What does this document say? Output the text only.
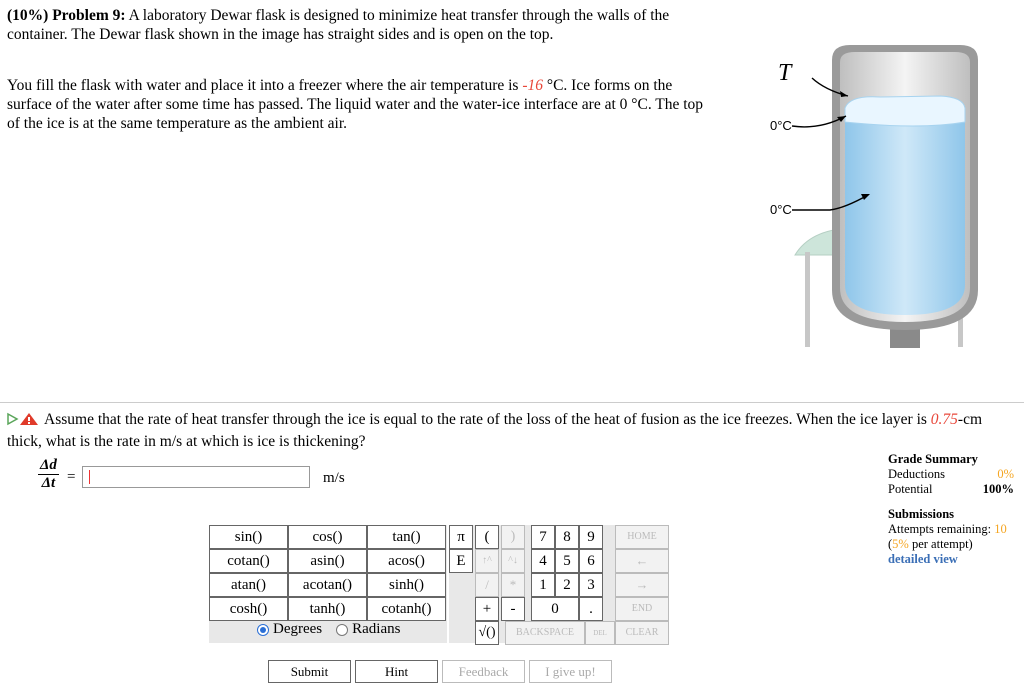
(10%) Problem 9: A laboratory Dewar flask is designed to minimize heat transfer through the walls of the container. The Dewar flask shown in the image has straight sides and is open on the top.
You fill the flask with water and place it into a freezer where the air temperature is -16 °C. Ice forms on the surface of the water after some time has passed. The liquid water and the water-ice interface are at 0 °C. The top of the ice is at the same temperature as the ambient air.
T
0°C
0°C
Assume that the rate of heat transfer through the ice is equal to the rate of the loss of the heat of fusion as the ice freezes. When the ice layer is 0.75-cm thick, what is the rate in m/s at which is ice is thickening?
$\frac{\Delta d}{\Delta t}$ =	m/s
Grade Summary
Deductions	0%
Potential	100%
Submissions
Attempts remaining: 10
(5% per attempt)
detailed view
sin()	cos()	tan()
cotan()	asin()	acos()
atan()	acotan()	sinh()
cosh()	tanh()	cotanh()
π	(	)
E	↑^	^↓
/	*
+	-
√()
7	8	9
4	5	6
1	2	3
0	.
BACKSPACE	DEL
HOME
←
→
END
CLEAR
Degrees Radians
Submit	Hint	Feedback	I give up!
